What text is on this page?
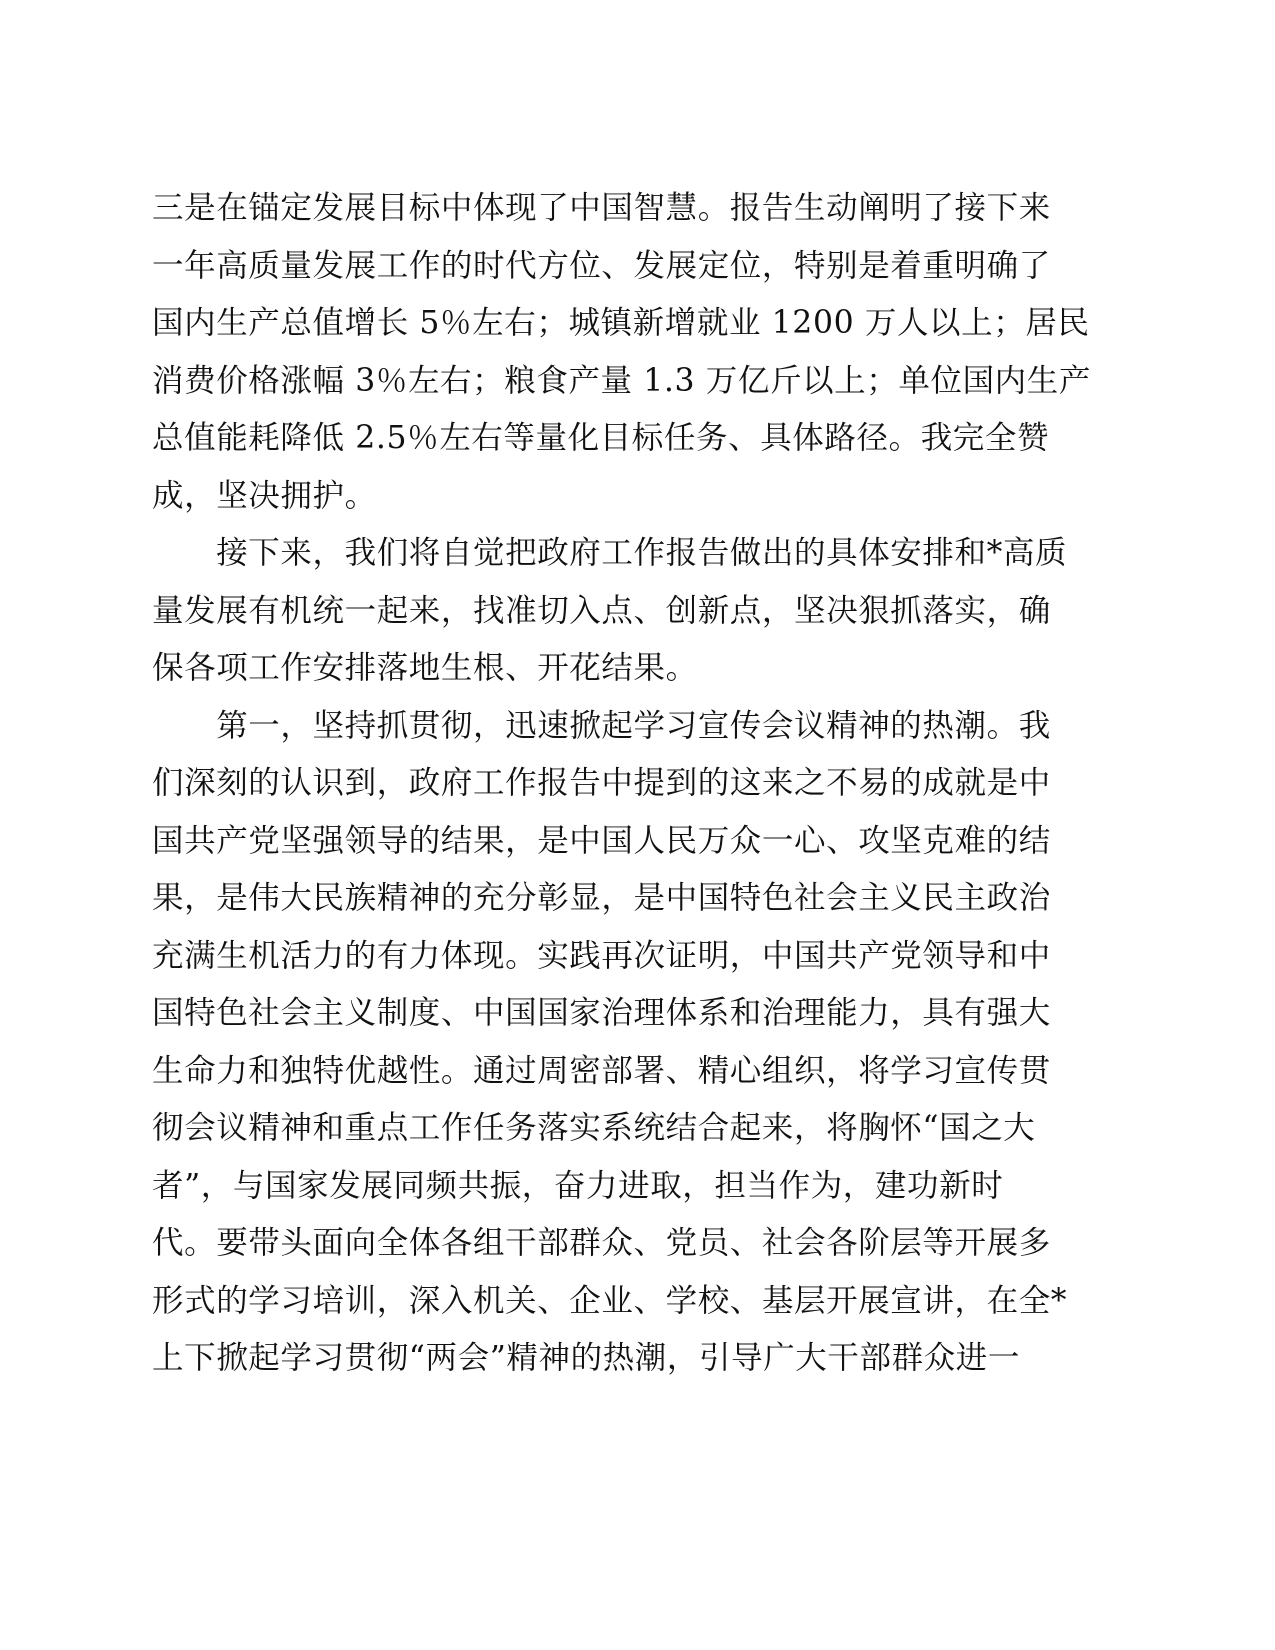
三是在锚定发展目标中体现了中国智慧。报告生动阐明了接下来
一年高质量发展工作的时代方位、发展定位，特别是着重明确了
国内生产总值增长 5％左右；城镇新增就业 1200 万人以上；居民
消费价格涨幅 3％左右；粮食产量 1.3 万亿斤以上；单位国内生产
总值能耗降低 2.5％左右等量化目标任务、具体路径。我完全赞
成，坚决拥护。
　　接下来，我们将自觉把政府工作报告做出的具体安排和*高质
量发展有机统一起来，找准切入点、创新点，坚决狠抓落实，确
保各项工作安排落地生根、开花结果。
　　第一，坚持抓贯彻，迅速掀起学习宣传会议精神的热潮。我
们深刻的认识到，政府工作报告中提到的这来之不易的成就是中
国共产党坚强领导的结果，是中国人民万众一心、攻坚克难的结
果，是伟大民族精神的充分彰显，是中国特色社会主义民主政治
充满生机活力的有力体现。实践再次证明，中国共产党领导和中
国特色社会主义制度、中国国家治理体系和治理能力，具有强大
生命力和独特优越性。通过周密部署、精心组织，将学习宣传贯
彻会议精神和重点工作任务落实系统结合起来，将胸怀“国之大
者”，与国家发展同频共振，奋力进取，担当作为，建功新时
代。要带头面向全体各组干部群众、党员、社会各阶层等开展多
形式的学习培训，深入机关、企业、学校、基层开展宣讲，在全*
上下掀起学习贯彻“两会”精神的热潮，引导广大干部群众进一
